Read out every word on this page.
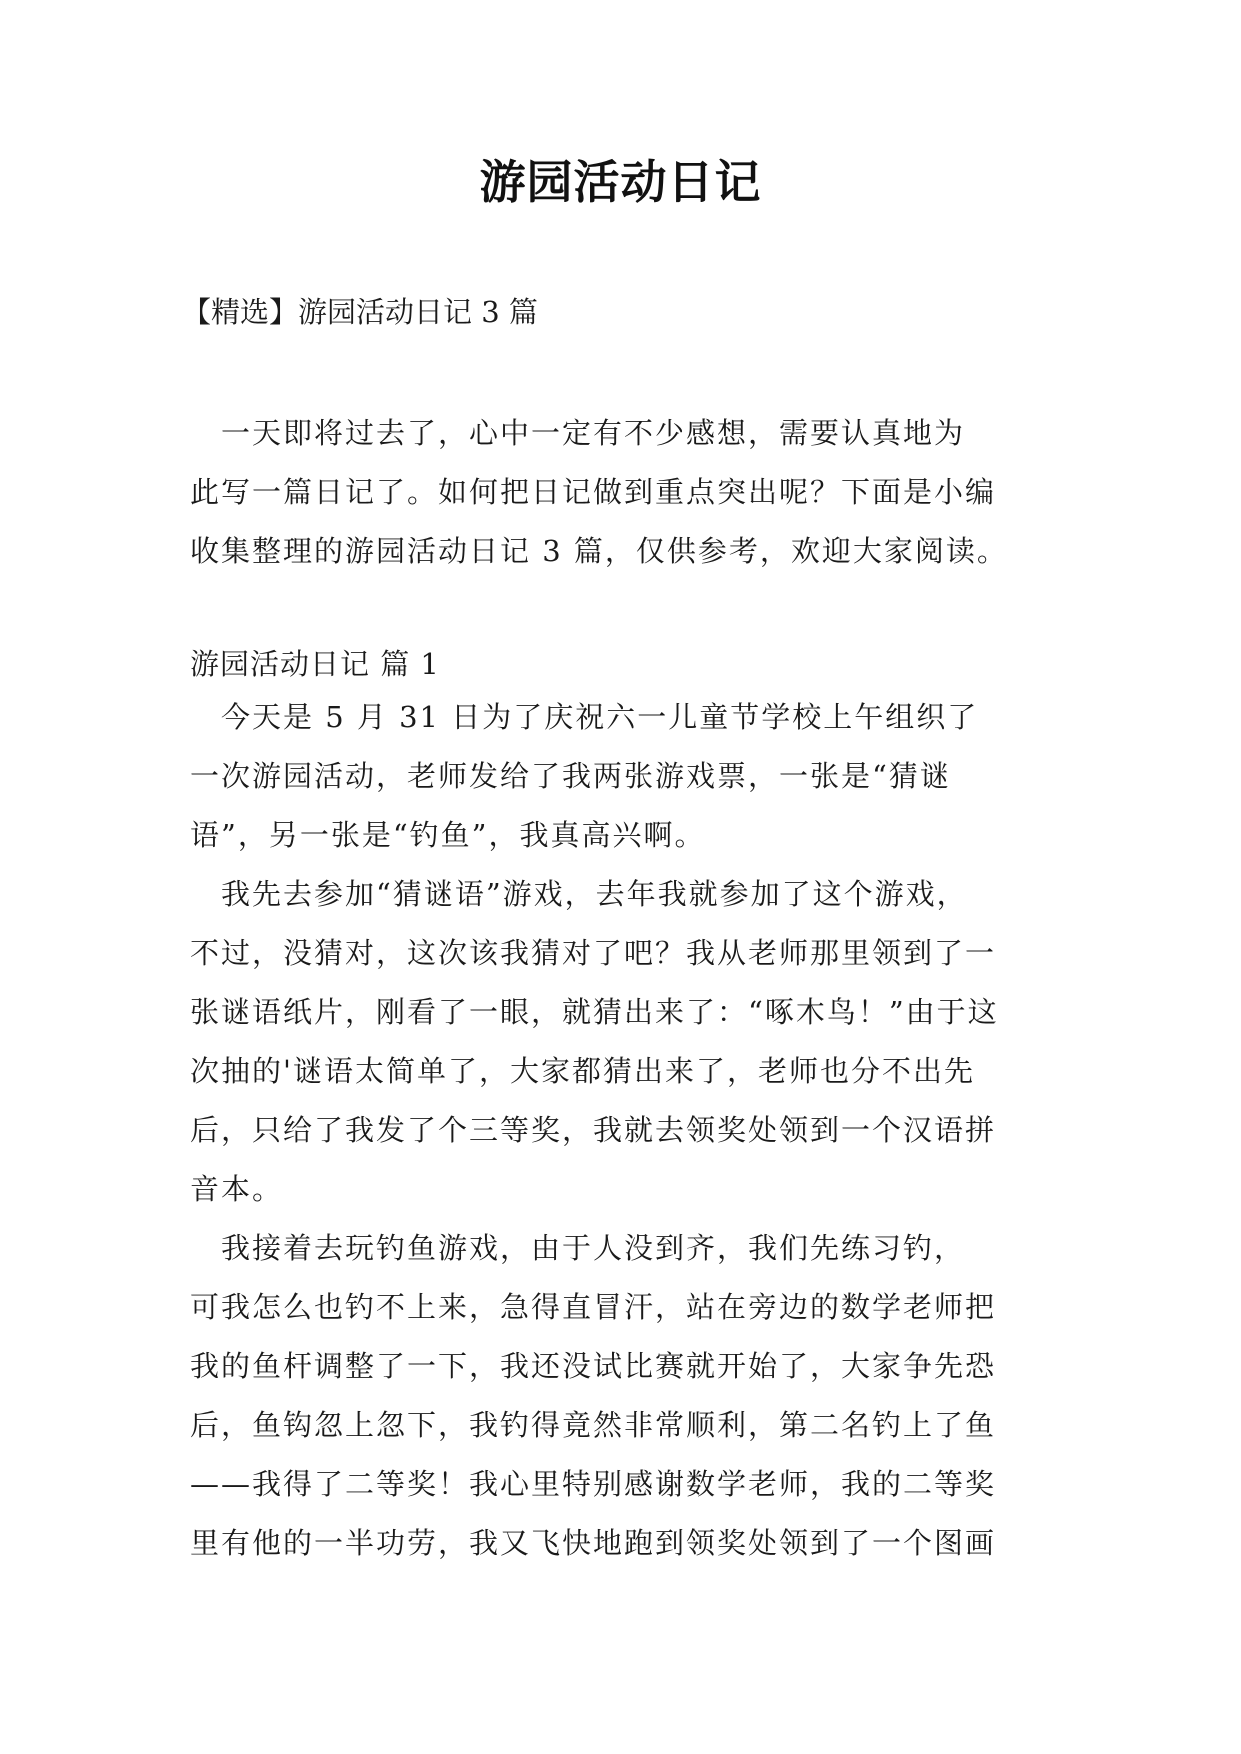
游园活动日记
【精选】游园活动日记 3 篇
　一天即将过去了，心中一定有不少感想，需要认真地为
此写一篇日记了。如何把日记做到重点突出呢？下面是小编
收集整理的游园活动日记 3 篇，仅供参考，欢迎大家阅读。
游园活动日记 篇 1
　今天是 5 月 31 日为了庆祝六一儿童节学校上午组织了
一次游园活动，老师发给了我两张游戏票，一张是“猜谜
语”，另一张是“钓鱼”，我真高兴啊。
　我先去参加“猜谜语”游戏，去年我就参加了这个游戏，
不过，没猜对，这次该我猜对了吧？我从老师那里领到了一
张谜语纸片，刚看了一眼，就猜出来了：“啄木鸟！”由于这
次抽的'谜语太简单了，大家都猜出来了，老师也分不出先
后，只给了我发了个三等奖，我就去领奖处领到一个汉语拼
音本。
　我接着去玩钓鱼游戏，由于人没到齐，我们先练习钓，
可我怎么也钓不上来，急得直冒汗，站在旁边的数学老师把
我的鱼杆调整了一下，我还没试比赛就开始了，大家争先恐
后，鱼钩忽上忽下，我钓得竟然非常顺利，第二名钓上了鱼
——我得了二等奖！我心里特别感谢数学老师，我的二等奖
里有他的一半功劳，我又飞快地跑到领奖处领到了一个图画
